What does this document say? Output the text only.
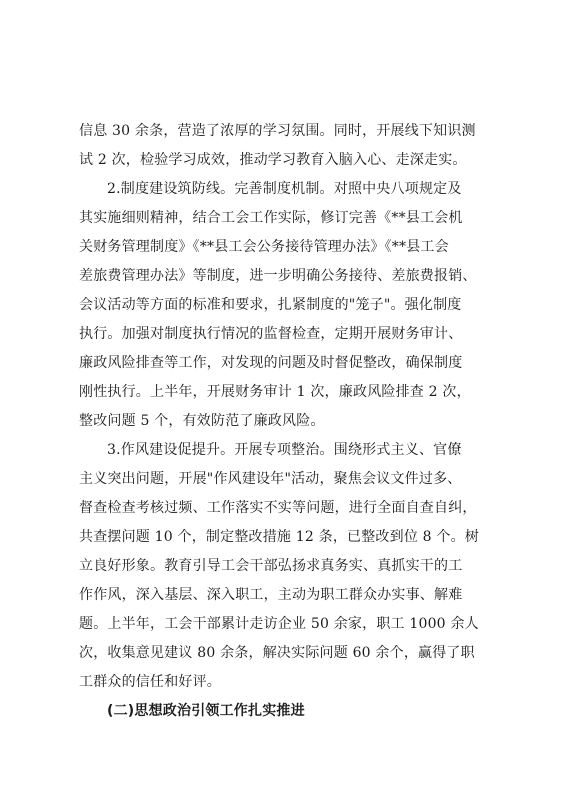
信息 30 余条，营造了浓厚的学习氛围。同时，开展线下知识测
试 2 次，检验学习成效，推动学习教育入脑入心、走深走实。
2.制度建设筑防线。完善制度机制。对照中央八项规定及
其实施细则精神，结合工会工作实际，修订完善《**县工会机
关财务管理制度》《**县工会公务接待管理办法》《**县工会
差旅费管理办法》等制度，进一步明确公务接待、差旅费报销、
会议活动等方面的标准和要求，扎紧制度的"笼子"。强化制度
执行。加强对制度执行情况的监督检查，定期开展财务审计、
廉政风险排查等工作，对发现的问题及时督促整改，确保制度
刚性执行。上半年，开展财务审计 1 次，廉政风险排查 2 次，
整改问题 5 个，有效防范了廉政风险。
3.作风建设促提升。开展专项整治。围绕形式主义、官僚
主义突出问题，开展"作风建设年"活动，聚焦会议文件过多、
督查检查考核过频、工作落实不实等问题，进行全面自查自纠，
共查摆问题 10 个，制定整改措施 12 条，已整改到位 8 个。树
立良好形象。教育引导工会干部弘扬求真务实、真抓实干的工
作作风，深入基层、深入职工，主动为职工群众办实事、解难
题。上半年，工会干部累计走访企业 50 余家，职工 1000 余人
次，收集意见建议 80 余条，解决实际问题 60 余个，赢得了职
工群众的信任和好评。
(二)思想政治引领工作扎实推进
